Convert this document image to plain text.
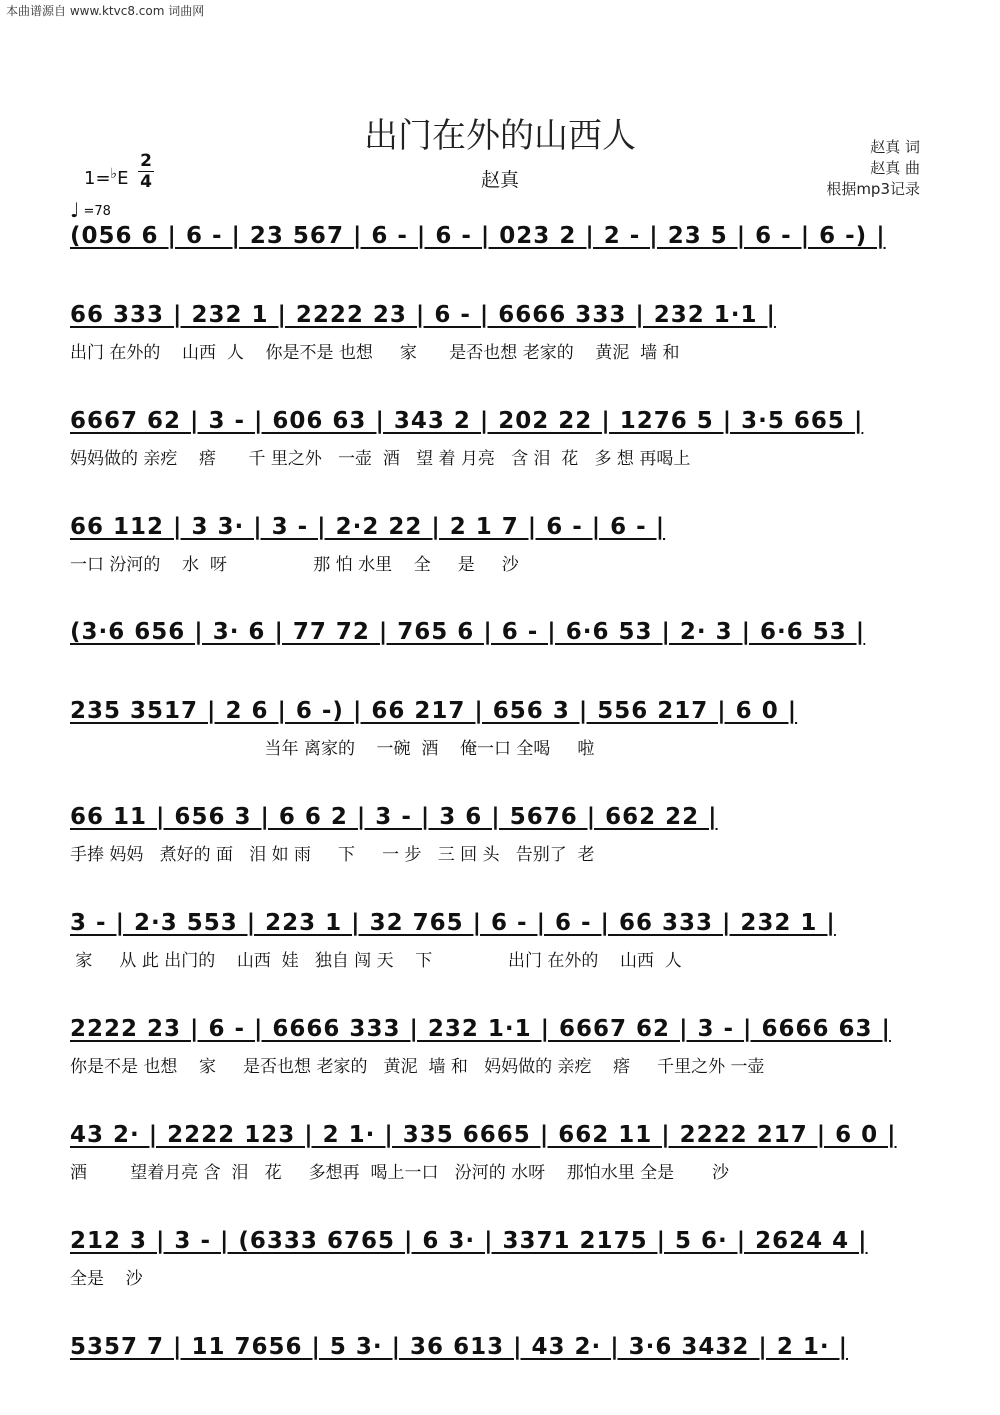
本曲谱源自 www.ktvc8.com 词曲网
出门在外的山西人	赵真 词
赵真 曲
根据mp3记录
1=♭E
2
4	赵真
♩ =78
(056 6 | 6 - | 23 567 | 6 - | 6 - | 023 2 | 2 - | 23 5 | 6 - | 6 -) |
66 333 | 232 1 | 2222 23 | 6 - | 6666 333 | 232 1·1 |
出门 在外的    山西  人    你是不是 也想     家      是否也想 老家的    黄泥  墙 和
6667 62 | 3 - | 606 63 | 343 2 | 202 22 | 1276 5 | 3·5 665 |
妈妈做的 亲疙    瘩      千 里之外   一壶  酒   望 着 月亮   含 泪  花   多 想 再喝上
66 112 | 3 3· | 3 - | 2·2 22 | 2 1 7 | 6 - | 6 - |
一口 汾河的    水  呀                那 怕 水里    全     是     沙
(3·6 656 | 3· 6 | 77 72 | 765 6 | 6 - | 6·6 53 | 2· 3 | 6·6 53 |
235 3517 | 2 6 | 6 -) | 66 217 | 656 3 | 556 217 | 6 0 |
当年 离家的    一碗  酒    俺一口 全喝     啦
66 11 | 656 3 | 6 6 2 | 3 - | 3 6 | 5676 | 662 22 |
手捧 妈妈   煮好的 面   泪 如 雨     下     一 步   三 回 头   告别了  老
3 - | 2·3 553 | 223 1 | 32 765 | 6 - | 6 - | 66 333 | 232 1 |
家     从 此 出门的    山西  娃   独自 闯 天    下              出门 在外的    山西  人
2222 23 | 6 - | 6666 333 | 232 1·1 | 6667 62 | 3 - | 6666 63 |
你是不是 也想    家     是否也想 老家的   黄泥  墙 和   妈妈做的 亲疙    瘩     千里之外 一壶
43 2· | 2222 123 | 2 1· | 335 6665 | 662 11 | 2222 217 | 6 0 |
酒        望着月亮 含  泪   花     多想再  喝上一口   汾河的 水呀    那怕水里 全是       沙
212 3 | 3 - | (6333 6765 | 6 3· | 3371 2175 | 5 6· | 2624 4 |
全是    沙
5357 7 | 11 7656 | 5 3· | 36 613 | 43 2· | 3·6 3432 | 2 1· |
